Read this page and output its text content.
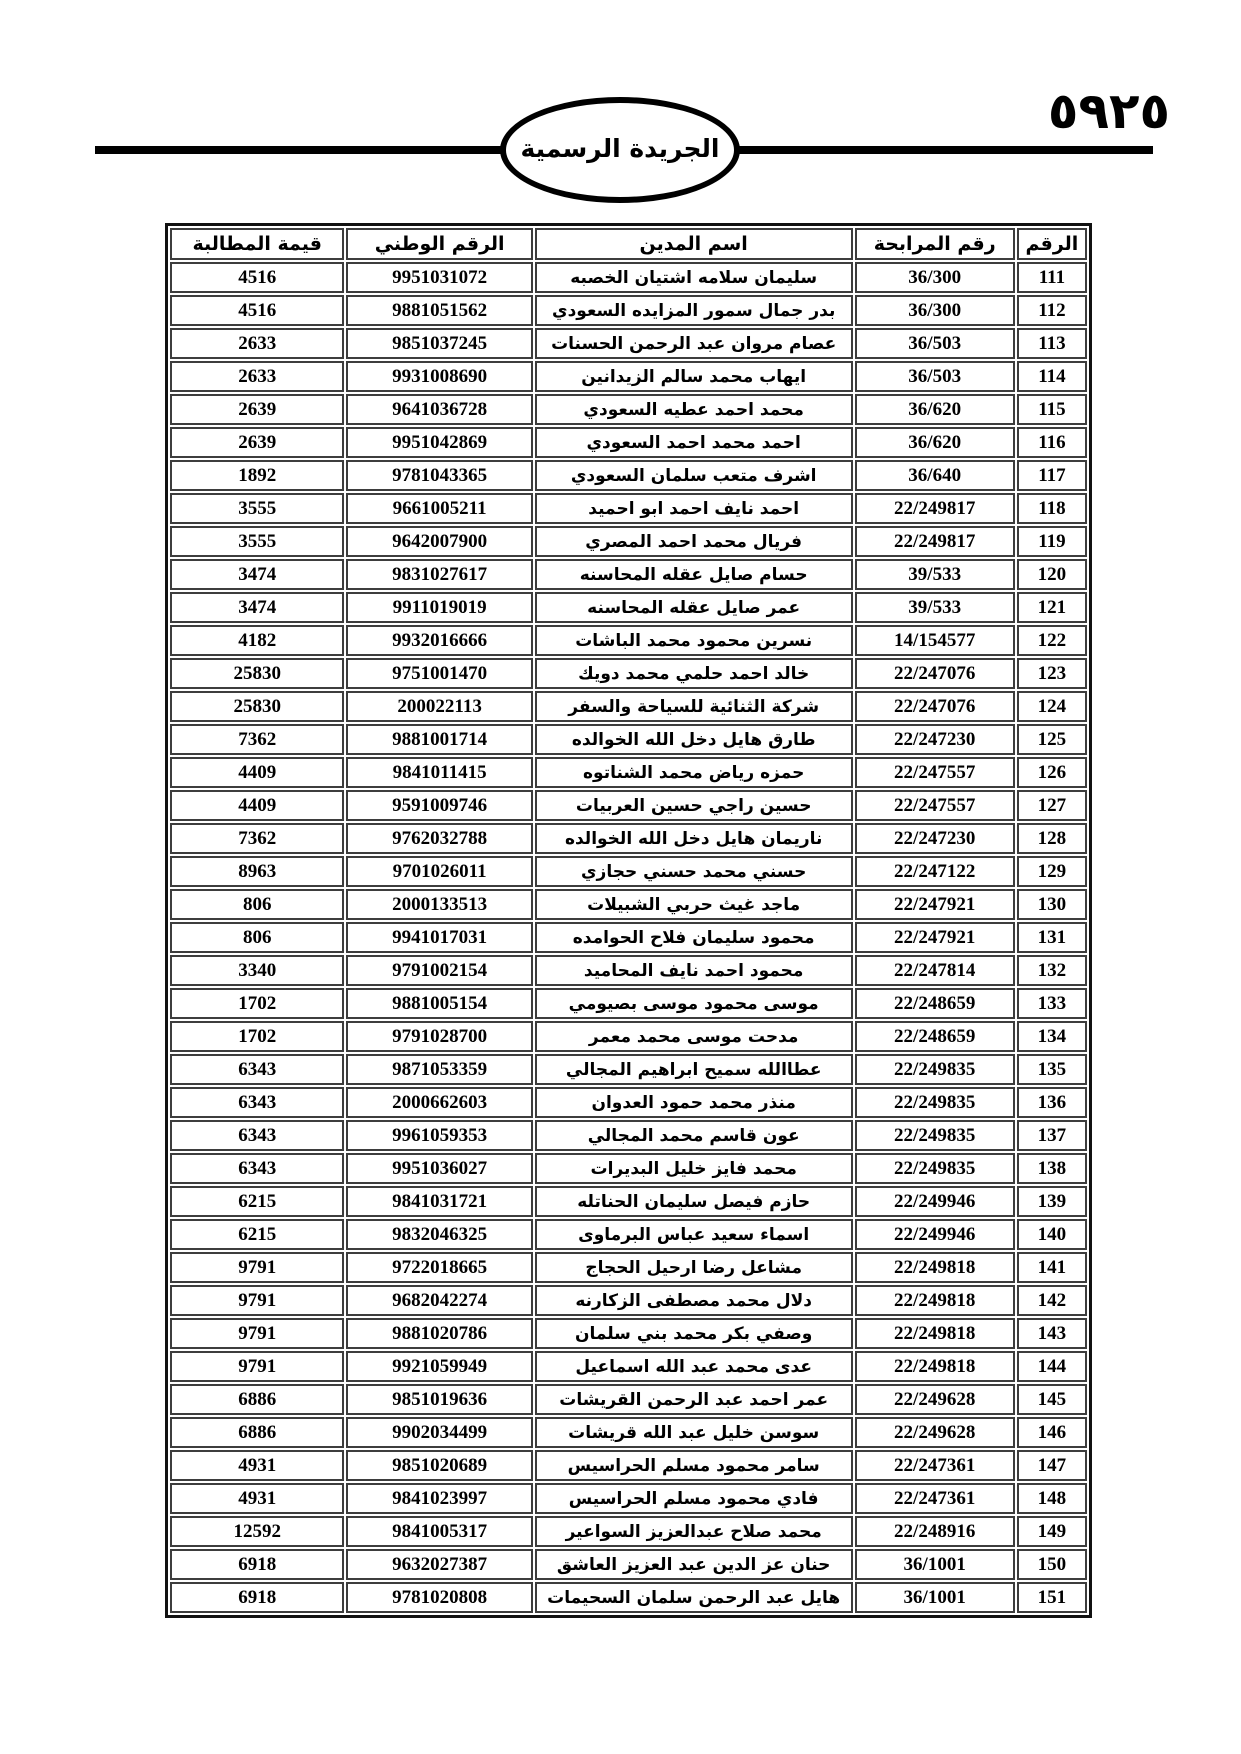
٥٩٢٥
الجريدة الرسمية
الرقم	رقم المرابحة	اسم المدين	الرقم الوطني	قيمة المطالبة
111	36/300	سليمان سلامه اشتيان الخصبه	9951031072	4516
112	36/300	بدر جمال سمور المزايده السعودي	9881051562	4516
113	36/503	عصام مروان عبد الرحمن الحسنات	9851037245	2633
114	36/503	ايهاب محمد سالم الزيدانين	9931008690	2633
115	36/620	محمد احمد عطيه السعودي	9641036728	2639
116	36/620	احمد محمد احمد السعودي	9951042869	2639
117	36/640	اشرف متعب سلمان السعودي	9781043365	1892
118	22/249817	احمد نايف احمد ابو احميد	9661005211	3555
119	22/249817	فريال محمد احمد المصري	9642007900	3555
120	39/533	حسام صايل عقله المحاسنه	9831027617	3474
121	39/533	عمر صايل عقله المحاسنه	9911019019	3474
122	14/154577	نسرين محمود محمد الباشات	9932016666	4182
123	22/247076	خالد احمد حلمي محمد دويك	9751001470	25830
124	22/247076	شركة الثنائية للسياحة والسفر	200022113	25830
125	22/247230	طارق هايل دخل الله الخوالده	9881001714	7362
126	22/247557	حمزه رياض محمد الشناتوه	9841011415	4409
127	22/247557	حسين راجي حسين العربيات	9591009746	4409
128	22/247230	ناريمان هايل دخل الله الخوالده	9762032788	7362
129	22/247122	حسني محمد حسني حجازي	9701026011	8963
130	22/247921	ماجد غيث حربي الشبيلات	2000133513	806
131	22/247921	محمود سليمان فلاح الحوامده	9941017031	806
132	22/247814	محمود احمد نايف المحاميد	9791002154	3340
133	22/248659	موسى محمود موسى بصيومي	9881005154	1702
134	22/248659	مدحت موسى محمد معمر	9791028700	1702
135	22/249835	عطاالله سميح ابراهيم المجالي	9871053359	6343
136	22/249835	منذر محمد حمود العدوان	2000662603	6343
137	22/249835	عون قاسم محمد المجالي	9961059353	6343
138	22/249835	محمد فايز خليل البديرات	9951036027	6343
139	22/249946	حازم فيصل سليمان الحناتله	9841031721	6215
140	22/249946	اسماء سعيد عباس البرماوى	9832046325	6215
141	22/249818	مشاعل رضا ارحيل الحجاج	9722018665	9791
142	22/249818	دلال محمد مصطفى الزكارنه	9682042274	9791
143	22/249818	وصفي بكر محمد بني سلمان	9881020786	9791
144	22/249818	عدى محمد عبد الله اسماعيل	9921059949	9791
145	22/249628	عمر احمد عبد الرحمن القريشات	9851019636	6886
146	22/249628	سوسن خليل عبد الله قريشات	9902034499	6886
147	22/247361	سامر محمود مسلم الحراسيس	9851020689	4931
148	22/247361	فادي محمود مسلم الحراسيس	9841023997	4931
149	22/248916	محمد صلاح عبدالعزيز السواعير	9841005317	12592
150	36/1001	حنان عز الدين عبد العزيز العاشق	9632027387	6918
151	36/1001	هايل عبد الرحمن سلمان السحيمات	9781020808	6918
